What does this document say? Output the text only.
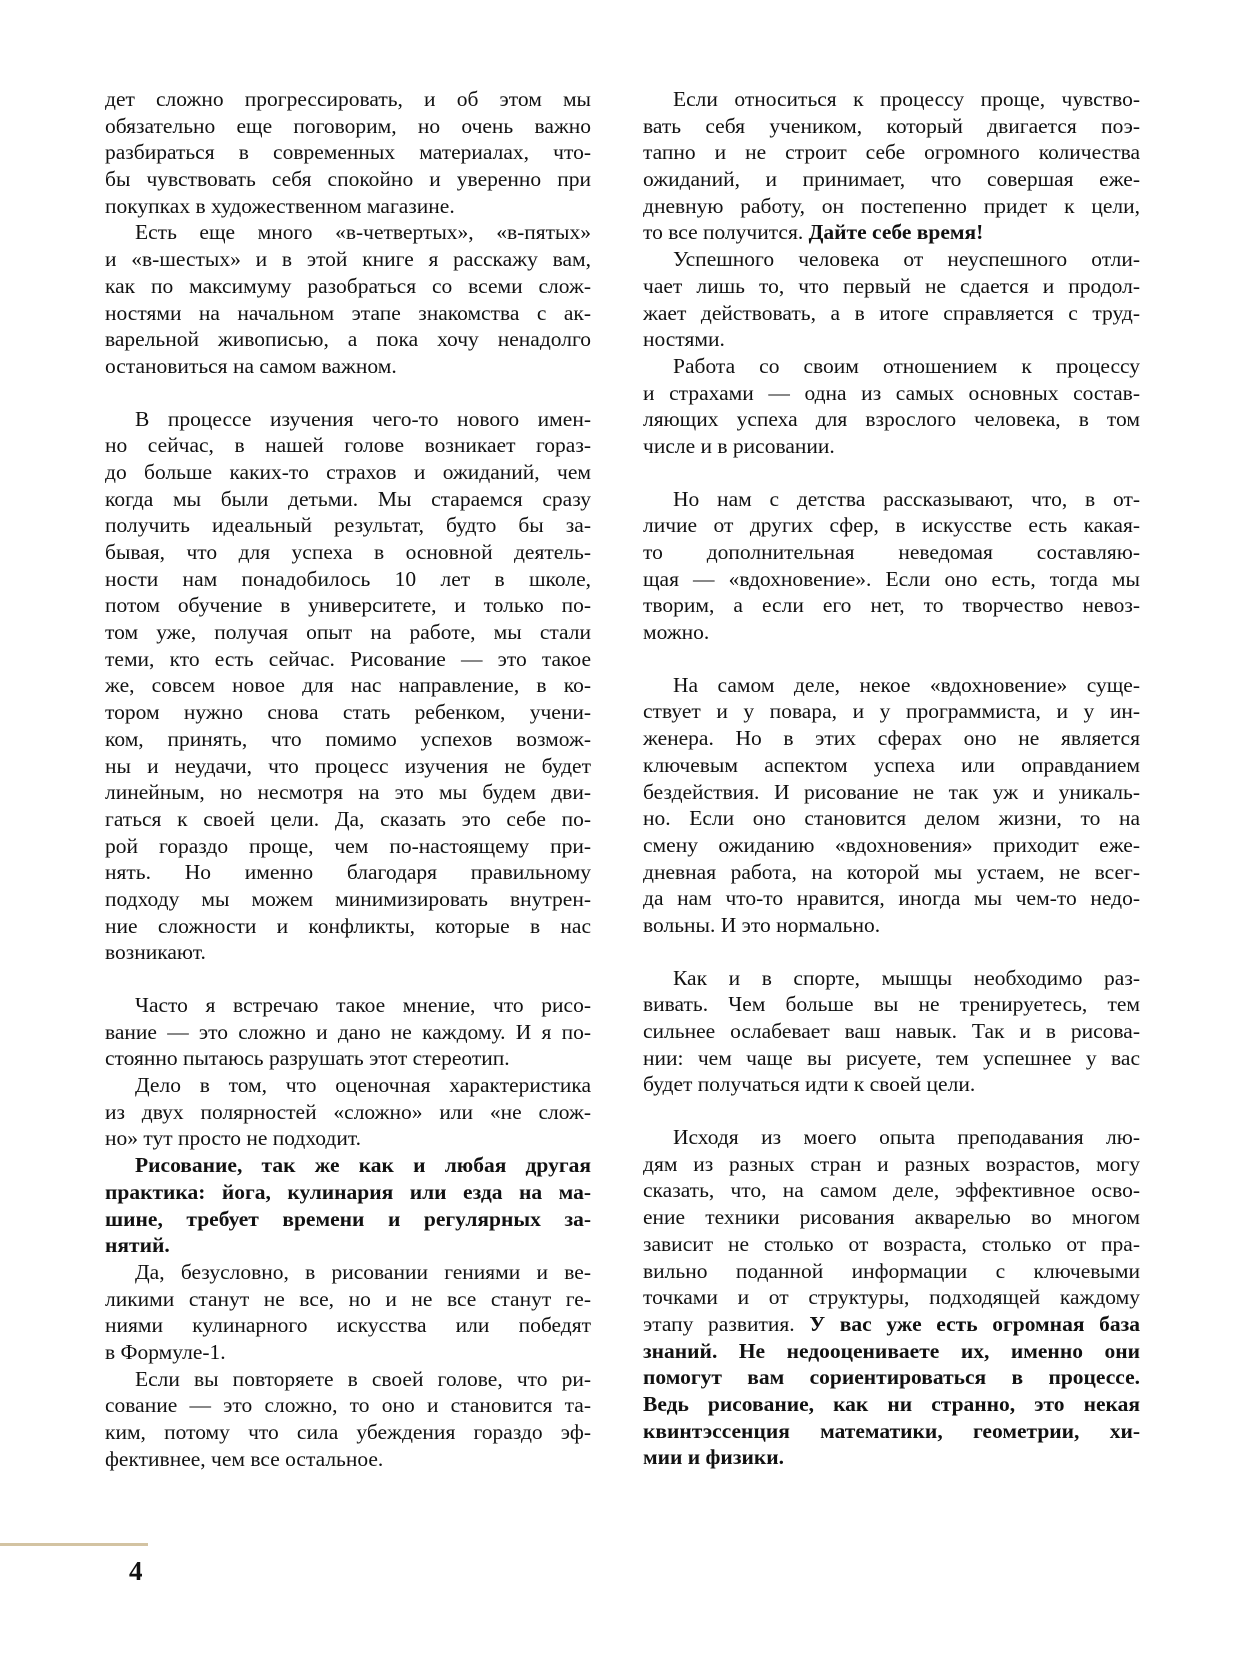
дет сложно прогрессировать, и об этом мы
обязательно еще поговорим, но очень важно
разбираться в современных материалах, что-
бы чувствовать себя спокойно и уверенно при
покупках в художественном магазине.

Есть еще много «в-четвертых», «в-пятых»
и «в-шестых» и в этой книге я расскажу вам,
как по максимуму разобраться со всеми слож-
ностями на начальном этапе знакомства с ак-
варельной живописью, а пока хочу ненадолго
остановиться на самом важном.

В процессе изучения чего-то нового имен-
но сейчас, в нашей голове возникает гораз-
до больше каких-то страхов и ожиданий, чем
когда мы были детьми. Мы стараемся сразу
получить идеальный результат, будто бы за-
бывая, что для успеха в основной деятель-
ности нам понадобилось 10 лет в школе,
потом обучение в университете, и только по-
том уже, получая опыт на работе, мы стали
теми, кто есть сейчас. Рисование — это такое
же, совсем новое для нас направление, в ко-
тором нужно снова стать ребенком, учени-
ком, принять, что помимо успехов возмож-
ны и неудачи, что процесс изучения не будет
линейным, но несмотря на это мы будем дви-
гаться к своей цели. Да, сказать это себе по-
рой гораздо проще, чем по-настоящему при-
нять. Но именно благодаря правильному
подходу мы можем минимизировать внутрен-
ние сложности и конфликты, которые в нас
возникают.

Часто я встречаю такое мнение, что рисо-
вание — это сложно и дано не каждому. И я по-
стоянно пытаюсь разрушать этот стереотип.

Дело в том, что оценочная характеристика
из двух полярностей «сложно» или «не слож-
но» тут просто не подходит.

Рисование, так же как и любая другая
практика: йога, кулинария или езда на ма-
шине, требует времени и регулярных за-
нятий.

Да, безусловно, в рисовании гениями и ве-
ликими станут не все, но и не все станут ге-
ниями кулинарного искусства или победят
в Формуле-1.

Если вы повторяете в своей голове, что ри-
сование — это сложно, то оно и становится та-
ким, потому что сила убеждения гораздо эф-
фективнее, чем все остальное.

Если относиться к процессу проще, чувство-
вать себя учеником, который двигается поэ-
тапно и не строит себе огромного количества
ожиданий, и принимает, что совершая еже-
дневную работу, он постепенно придет к цели,
то все получится. Дайте себе время!

Успешного человека от неуспешного отли-
чает лишь то, что первый не сдается и продол-
жает действовать, а в итоге справляется с труд-
ностями.

Работа со своим отношением к процессу
и страхами — одна из самых основных состав-
ляющих успеха для взрослого человека, в том
числе и в рисовании.

Но нам с детства рассказывают, что, в от-
личие от других сфер, в искусстве есть какая-
то дополнительная неведомая составляю-
щая — «вдохновение». Если оно есть, тогда мы
творим, а если его нет, то творчество невоз-
можно.

На самом деле, некое «вдохновение» суще-
ствует и у повара, и у программиста, и у ин-
женера. Но в этих сферах оно не является
ключевым аспектом успеха или оправданием
бездействия. И рисование не так уж и уникаль-
но. Если оно становится делом жизни, то на
смену ожиданию «вдохновения» приходит еже-
дневная работа, на которой мы устаем, не всег-
да нам что-то нравится, иногда мы чем-то недо-
вольны. И это нормально.

Как и в спорте, мышцы необходимо раз-
вивать. Чем больше вы не тренируетесь, тем
сильнее ослабевает ваш навык. Так и в рисова-
нии: чем чаще вы рисуете, тем успешнее у вас
будет получаться идти к своей цели.

Исходя из моего опыта преподавания лю-
дям из разных стран и разных возрастов, могу
сказать, что, на самом деле, эффективное осво-
ение техники рисования акварелью во многом
зависит не столько от возраста, столько от пра-
вильно поданной информации с ключевыми
точками и от структуры, подходящей каждому
этапу развития. У вас уже есть огромная база
знаний. Не недооцениваете их, именно они
помогут вам сориентироваться в процессе.
Ведь рисование, как ни странно, это некая
квинтэссенция математики, геометрии, хи-
мии и физики.

4
